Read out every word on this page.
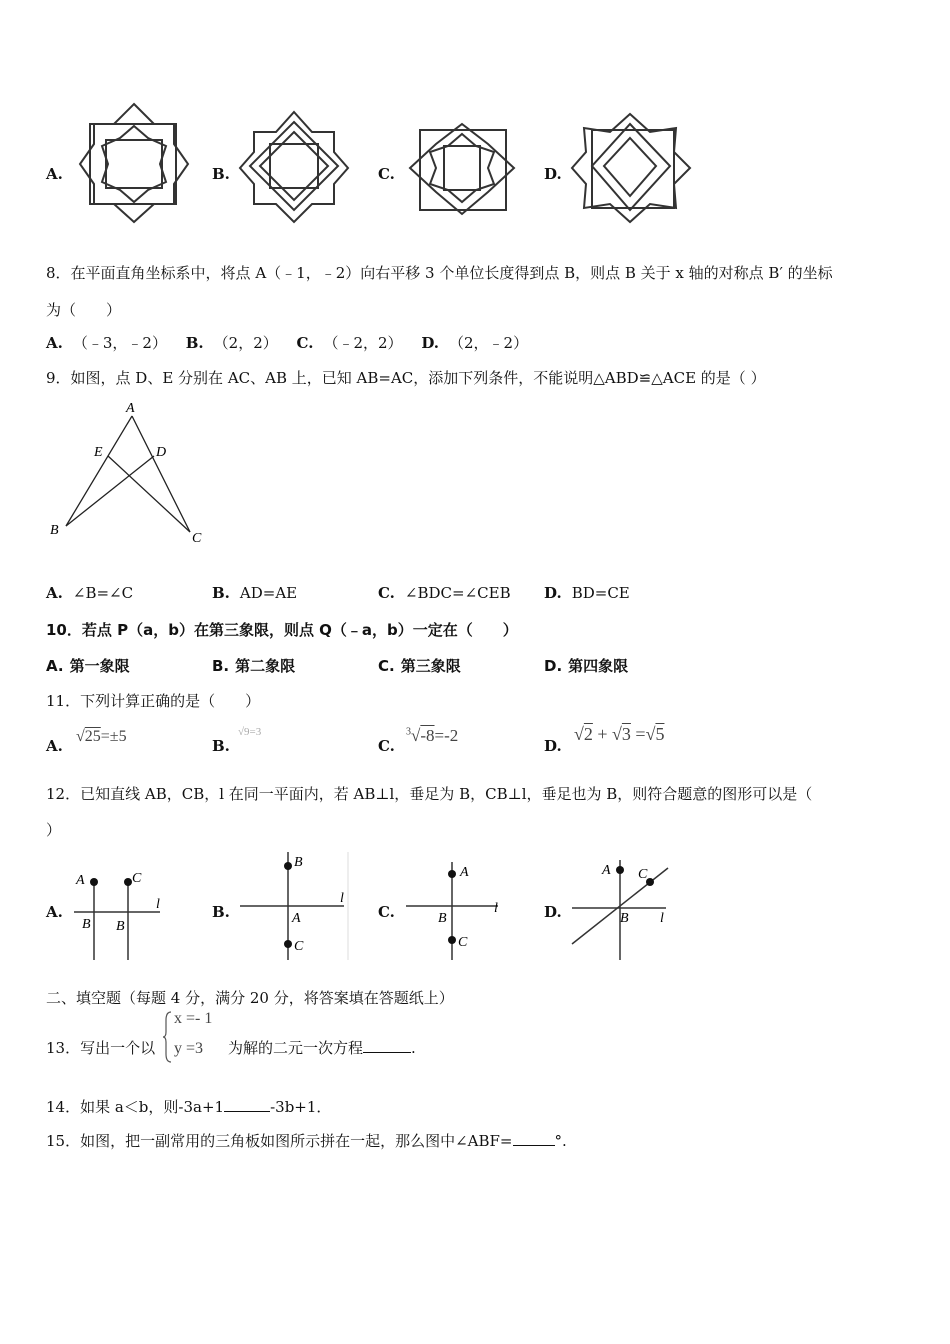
A.	B.	C.	D.
8．在平面直角坐标系中，将点 A（﹣1，﹣2）向右平移 3 个单位长度得到点 B，则点 B 关于 x 轴的对称点 B′ 的坐标
为（　　）
A. （﹣3，﹣2） B. （2，2） C. （﹣2，2） D. （2，﹣2）
9．如图，点 D、E 分别在 AC、AB 上，已知 AB=AC，添加下列条件，不能说明△ABD≌△ACE 的是（ ）
A
E	D
B
C
A. ∠B=∠C	B. AD=AE	C. ∠BDC=∠CEB D. BD=CE
10．若点 P（a，b）在第三象限，则点 Q（﹣a，b）一定在（　　）
A. 第一象限	B. 第二象限	C. 第三象限	D. 第四象限
11．下列计算正确的是（　　）
A.
√25=±5
B.
√9=3
C.
$^3$√-8=-2
D.
√2 + √3 =√5
12．已知直线 AB，CB，l 在同一平面内，若 AB⊥l，垂足为 B，CB⊥l，垂足也为 B，则符合题意的图形可以是（
）
A.
A	C
B B
l	B.
B
A
C
l
C.
A
B
C
l	D.
A C
B l
二、填空题（每题 4 分，满分 20 分，将答案填在答题纸上）
13．写出一个以
x =- 1
y =3 为解的二元一次方程	.
14．如果 a＜b，则-3a+1	-3b+1．
15．如图，把一副常用的三角板如图所示拼在一起，那么图中∠ABF=	°.
